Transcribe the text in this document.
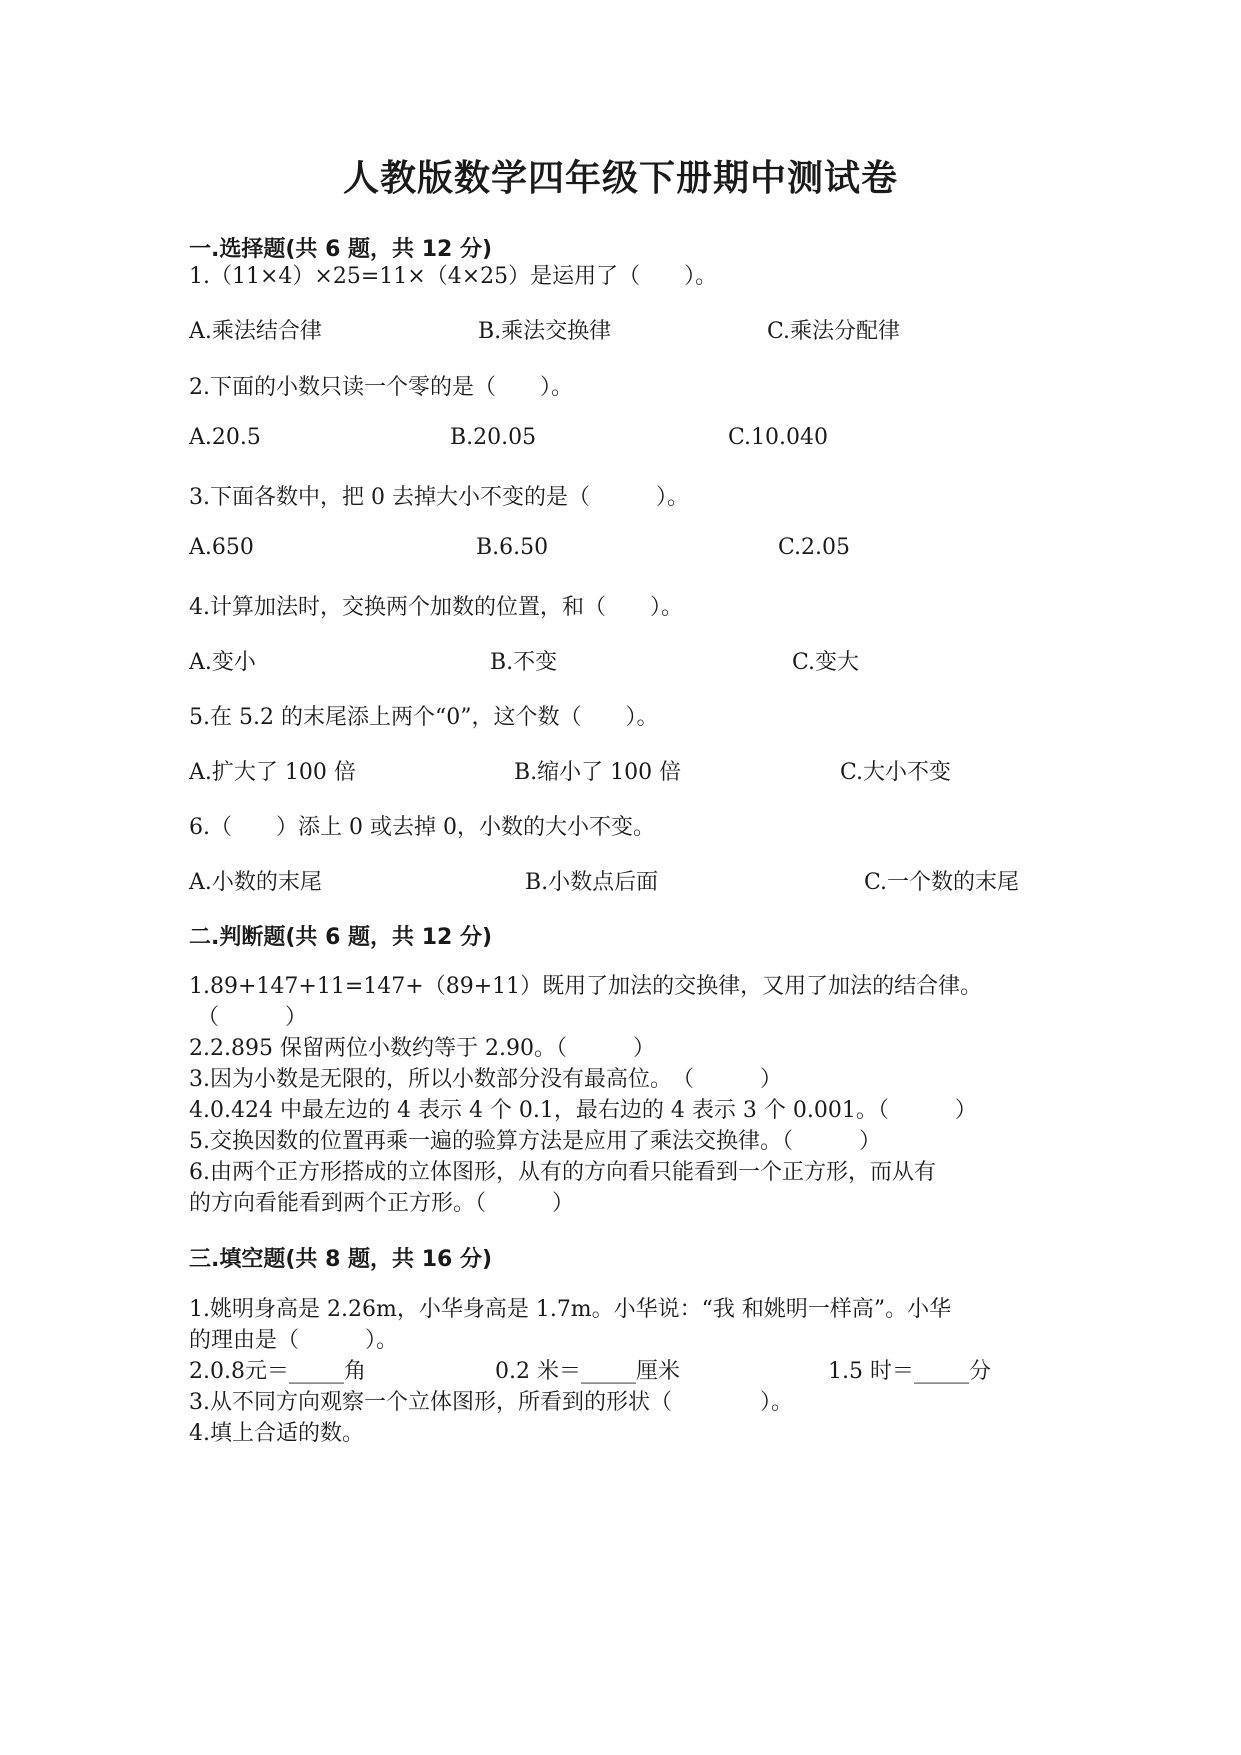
人教版数学四年级下册期中测试卷
一.选择题(共 6 题，共 12 分)
1.（11×4）×25=11×（4×25）是运用了（　　）。
A.乘法结合律	B.乘法交换律	C.乘法分配律
2.下面的小数只读一个零的是（　　）。
A.20.5	B.20.05	C.10.040
3.下面各数中，把 0 去掉大小不变的是（　　　）。
A.650	B.6.50	C.2.05
4.计算加法时，交换两个加数的位置，和（　　）。
A.变小	B.不变	C.变大
5.在 5.2 的末尾添上两个“0”，这个数（　　）。
A.扩大了 100 倍	B.缩小了 100 倍	C.大小不变
6.（　　）添上 0 或去掉 0，小数的大小不变。
A.小数的末尾	B.小数点后面	C.一个数的末尾
二.判断题(共 6 题，共 12 分)
1.89+147+11=147+（89+11）既用了加法的交换律，又用了加法的结合律。
（　　　）
2.2.895 保留两位小数约等于 2.90。（　　　）
3.因为小数是无限的，所以小数部分没有最高位。　（　　　）
4.0.424 中最左边的 4 表示 4 个 0.1，最右边的 4 表示 3 个 0.001。（　　　）
5.交换因数的位置再乘一遍的验算方法是应用了乘法交换律。（　　　）
6.由两个正方形搭成的立体图形，从有的方向看只能看到一个正方形，而从有
的方向看能看到两个正方形。（　　　）
三.填空题(共 8 题，共 16 分)
1.姚明身高是 2.26m，小华身高是 1.7m。小华说：“我 和姚明一样高”。小华
的理由是（　　　）。
2.0.8元＝_____角	0.2 米＝_____厘米	1.5 时＝_____分
3.从不同方向观察一个立体图形，所看到的形状（　　　　）。
4.填上合适的数。
